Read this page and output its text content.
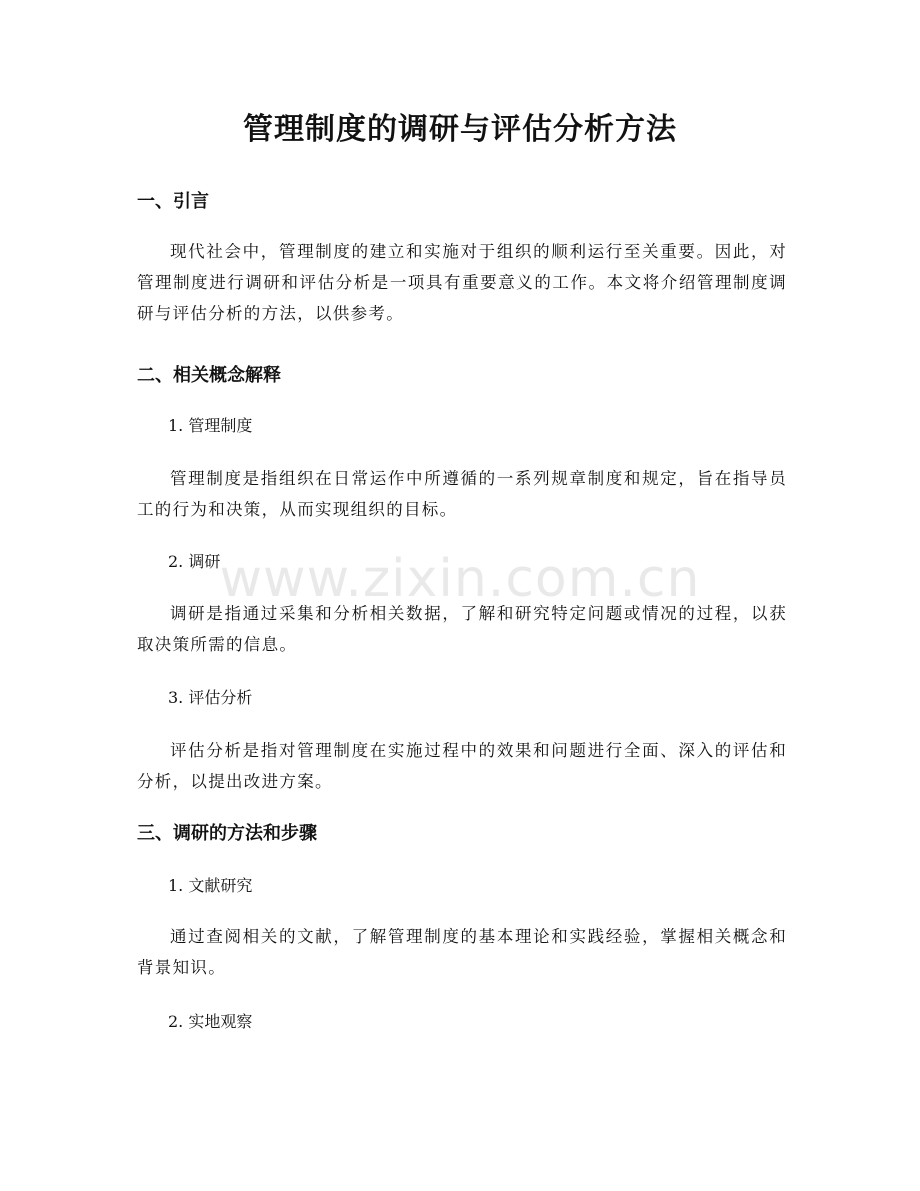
管理制度的调研与评估分析方法
一、引言
现代社会中，管理制度的建立和实施对于组织的顺利运行至关重要。因此，对管理制度进行调研和评估分析是一项具有重要意义的工作。本文将介绍管理制度调研与评估分析的方法，以供参考。
二、相关概念解释
1. 管理制度
管理制度是指组织在日常运作中所遵循的一系列规章制度和规定，旨在指导员工的行为和决策，从而实现组织的目标。
2. 调研
调研是指通过采集和分析相关数据，了解和研究特定问题或情况的过程，以获取决策所需的信息。
3. 评估分析
评估分析是指对管理制度在实施过程中的效果和问题进行全面、深入的评估和分析，以提出改进方案。
三、调研的方法和步骤
1. 文献研究
通过查阅相关的文献，了解管理制度的基本理论和实践经验，掌握相关概念和背景知识。
2. 实地观察
www.zixin.com.cn
